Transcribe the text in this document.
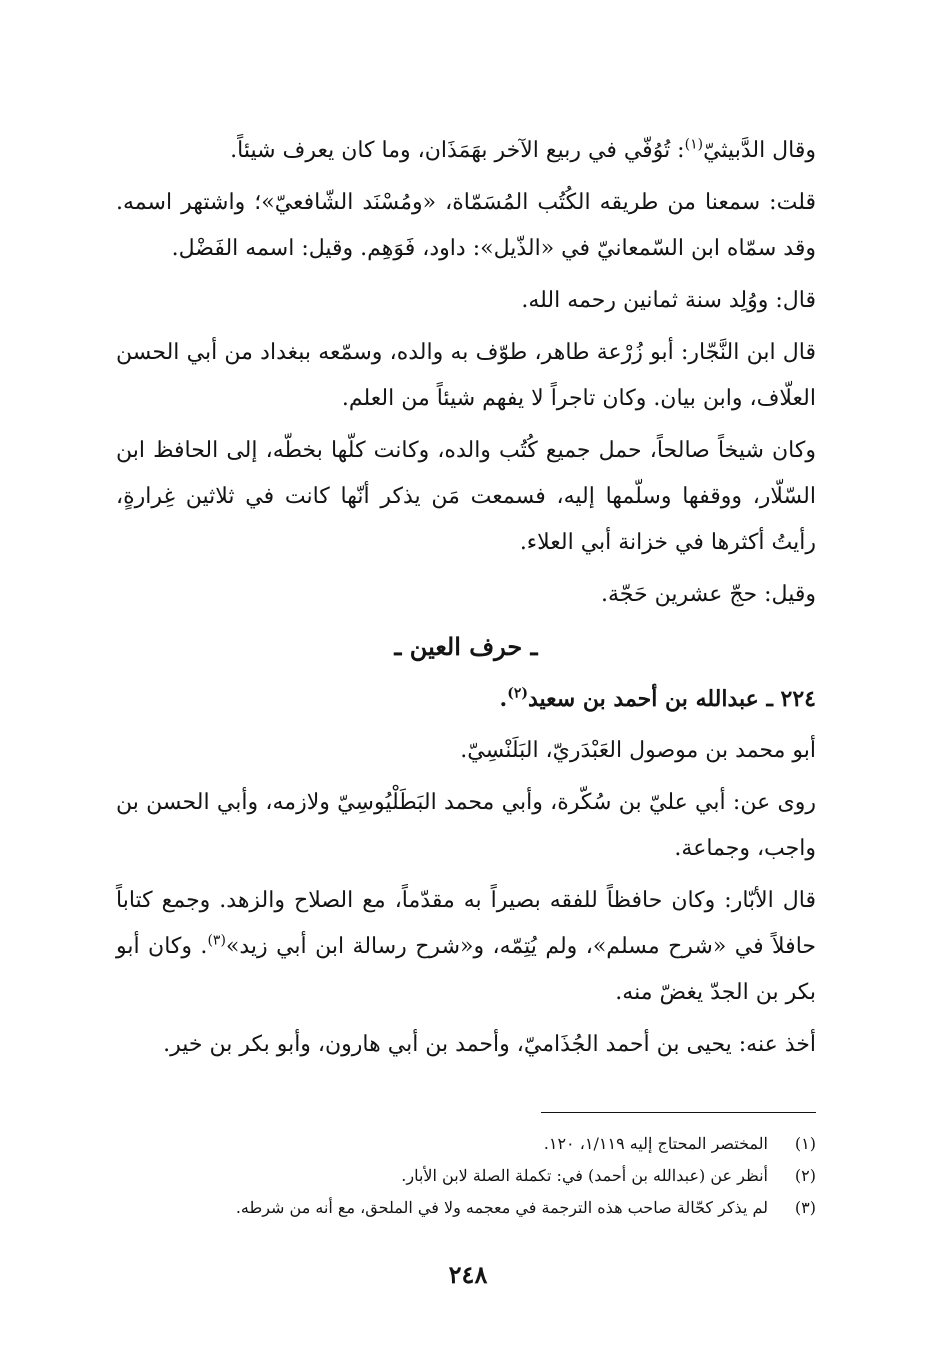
وقال الدَّبيثيّ$^{(١)}$: تُوُفّي في ربيع الآخر بهَمَذَان، وما كان يعرف شيئاً.

قلت: سمعنا من طريقه الكُتُب المُسَمّاة، «ومُسْنَد الشّافعيّ»؛ واشتهر اسمه. وقد سمّاه ابن السّمعانيّ في «الذّيل»: داود، فَوَهِم. وقيل: اسمه الفَضْل.

قال: ووُلِد سنة ثمانين رحمه الله.

قال ابن النَّجّار: أبو زُرْعة طاهر، طوّف به والده، وسمّعه ببغداد من أبي الحسن العلّاف، وابن بيان. وكان تاجراً لا يفهم شيئاً من العلم.

وكان شيخاً صالحاً، حمل جميع كُتُب والده، وكانت كلّها بخطّه، إلى الحافظ ابن السّلّار، ووقفها وسلّمها إليه، فسمعت مَن يذكر أنّها كانت في ثلاثين غِرارةٍ، رأيتُ أكثرها في خزانة أبي العلاء.

وقيل: حجّ عشرين حَجّة.

ـ حرف العين ـ
٢٢٤ ـ عبدالله بن أحمد بن سعيد$^{(٢)}$.
أبو محمد بن موصول العَبْدَريّ، البَلَنْسِيّ.

روى عن: أبي عليّ بن سُكّرة، وأبي محمد البَطَلْيُوسِيّ ولازمه، وأبي الحسن بن واجب، وجماعة.

قال الأبّار: وكان حافظاً للفقه بصيراً به مقدّماً، مع الصلاح والزهد. وجمع كتاباً حافلاً في «شرح مسلم»، ولم يُتِمّه، و«شرح رسالة ابن أبي زيد»$^{(٣)}$. وكان أبو بكر بن الجدّ يغضّ منه.

أخذ عنه: يحيى بن أحمد الجُذَاميّ، وأحمد بن أبي هارون، وأبو بكر بن خير.

(١)
المختصر المحتاج إليه ١/١١٩، ١٢٠.
(٢)
أنظر عن (عبدالله بن أحمد) في: تكملة الصلة لابن الأبار.
(٣)
لم يذكر كحّالة صاحب هذه الترجمة في معجمه ولا في الملحق، مع أنه من شرطه.
٢٤٨
